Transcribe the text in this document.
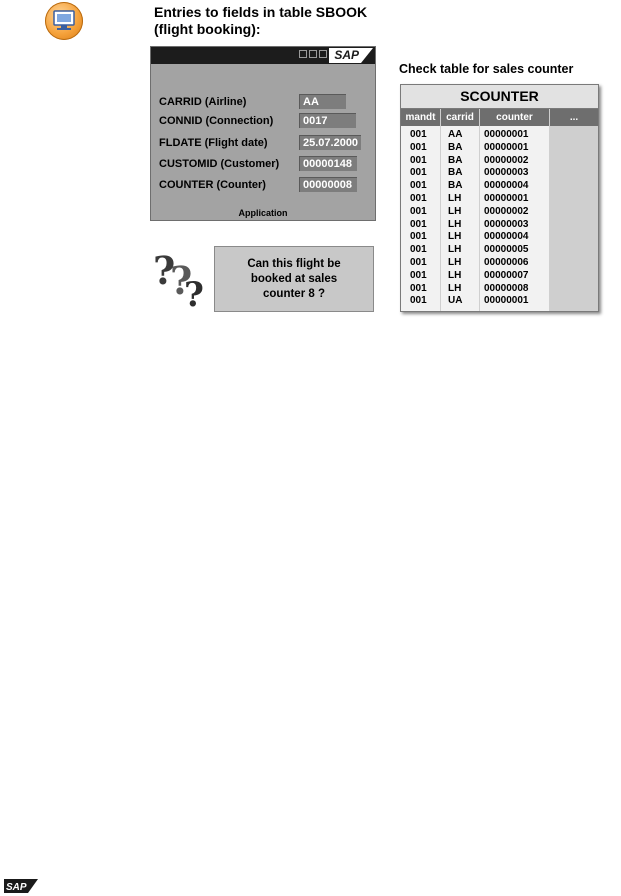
Entries to fields in table SBOOK
(flight booking):
SAP
CARRID (Airline)	AA
CONNID (Connection)	0017
FLDATE (Flight date)	25.07.2000
CUSTOMID (Customer)	00000148
COUNTER (Counter)	00000008
Application
?
?
?
Can this flight be
booked at sales
counter 8 ?
Check table for sales counter
SCOUNTER
mandt	carrid	counter	...
001 AA 00000001
001 BA 00000001
001 BA 00000002
001 BA 00000003
001 BA 00000004
001 LH 00000001
001 LH 00000002
001 LH 00000003
001 LH 00000004
001 LH 00000005
001 LH 00000006
001 LH 00000007
001 LH 00000008
001 UA 00000001
SAP
